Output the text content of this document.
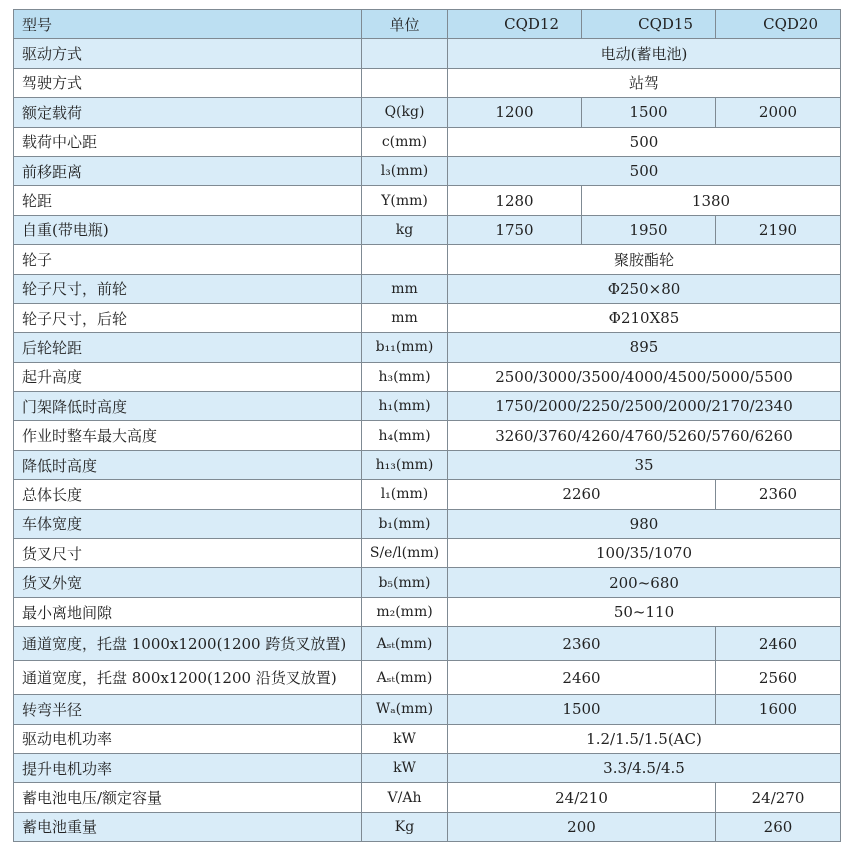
型号	单位	CQD12	CQD15	CQD20
驱动方式		电动(蓄电池)		
驾驶方式		站驾		
额定载荷	Q(kg)	1200	1500	2000
载荷中心距	c(mm)	500		
前移距离	l₃(mm)	500		
轮距	Y(mm)	1280	1380	
自重(带电瓶)	kg	1750	1950	2190
轮子		聚胺酯轮		
轮子尺寸，前轮	mm	Φ250×80		
轮子尺寸，后轮	mm	Φ210X85		
后轮轮距	b₁₁(mm)	895		
起升高度	h₃(mm)	2500/3000/3500/4000/4500/5000/5500		
门架降低时高度	h₁(mm)	1750/2000/2250/2500/2000/2170/2340		
作业时整车最大高度	h₄(mm)	3260/3760/4260/4760/5260/5760/6260		
降低时高度	h₁₃(mm)	35		
总体长度	l₁(mm)	2260		2360
车体宽度	b₁(mm)	980		
货叉尺寸	S/e/l(mm)	100/35/1070		
货叉外宽	b₅(mm)	200~680		
最小离地间隙	m₂(mm)	50~110		
通道宽度，托盘 1000x1200(1200 跨货叉放置)	Aₛₜ(mm)	2360		2460
通道宽度，托盘 800x1200(1200 沿货叉放置)	Aₛₜ(mm)	2460		2560
转弯半径	Wₐ(mm)	1500		1600
驱动电机功率	kW	1.2/1.5/1.5(AC)		
提升电机功率	kW	3.3/4.5/4.5		
蓄电池电压/额定容量	V/Ah	24/210		24/270
蓄电池重量	Kg	200		260
